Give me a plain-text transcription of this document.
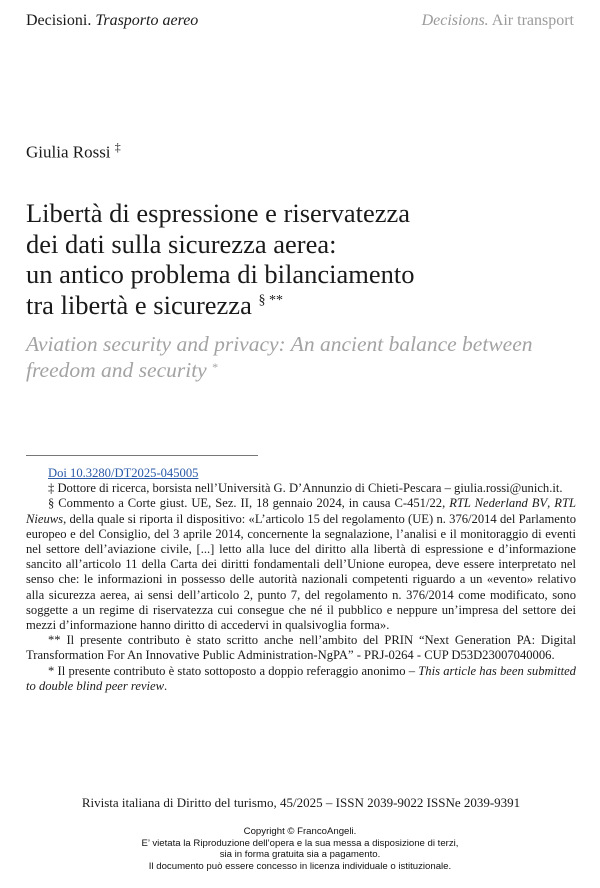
Decisioni. Trasporto aereo	Decisions. Air transport
Giulia Rossi ‡
Libertà di espressione e riservatezza
dei dati sulla sicurezza aerea:
un antico problema di bilanciamento
tra libertà e sicurezza § **
Aviation security and privacy: An ancient balance between
freedom and security *

Doi 10.3280/DT2025-045005

‡ Dottore di ricerca, borsista nell’Università G. D’Annunzio di Chieti-Pescara – giulia.rossi@unich.it.

§ Commento a Corte giust. UE, Sez. II, 18 gennaio 2024, in causa C-451/22, RTL Nederland BV, RTL Nieuws, della quale si riporta il dispositivo: «L’articolo 15 del regolamento (UE) n. 376/2014 del Parlamento europeo e del Consiglio, del 3 aprile 2014, concernente la segnalazione, l’analisi e il monitoraggio di eventi nel settore dell’aviazione civile, [...] letto alla luce del diritto alla libertà di espressione e d’informazione sancito all’articolo 11 della Carta dei diritti fondamentali dell’Unione europea, deve essere interpretato nel senso che: le informazioni in possesso delle autorità nazionali competenti riguardo a un «evento» relativo alla sicurezza aerea, ai sensi dell’articolo 2, punto 7, del regolamento n. 376/2014 come modificato, sono soggette a un regime di riservatezza cui consegue che né il pubblico e neppure un’impresa del settore dei mezzi d’informazione hanno diritto di accedervi in qualsivoglia forma».

** Il presente contributo è stato scritto anche nell’ambito del PRIN “Next Generation PA: Digital Transformation For An Innovative Public Administration-NgPA” - PRJ-0264 - CUP D53D23007040006.

* Il presente contributo è stato sottoposto a doppio referaggio anonimo – This article has been submitted to double blind peer review.

Rivista italiana di Diritto del turismo, 45/2025 – ISSN 2039-9022 ISSNe 2039-9391
Copyright © FrancoAngeli.
E’ vietata la Riproduzione dell’opera e la sua messa a disposizione di terzi,
sia in forma gratuita sia a pagamento.
Il documento può essere concesso in licenza individuale o istituzionale.
